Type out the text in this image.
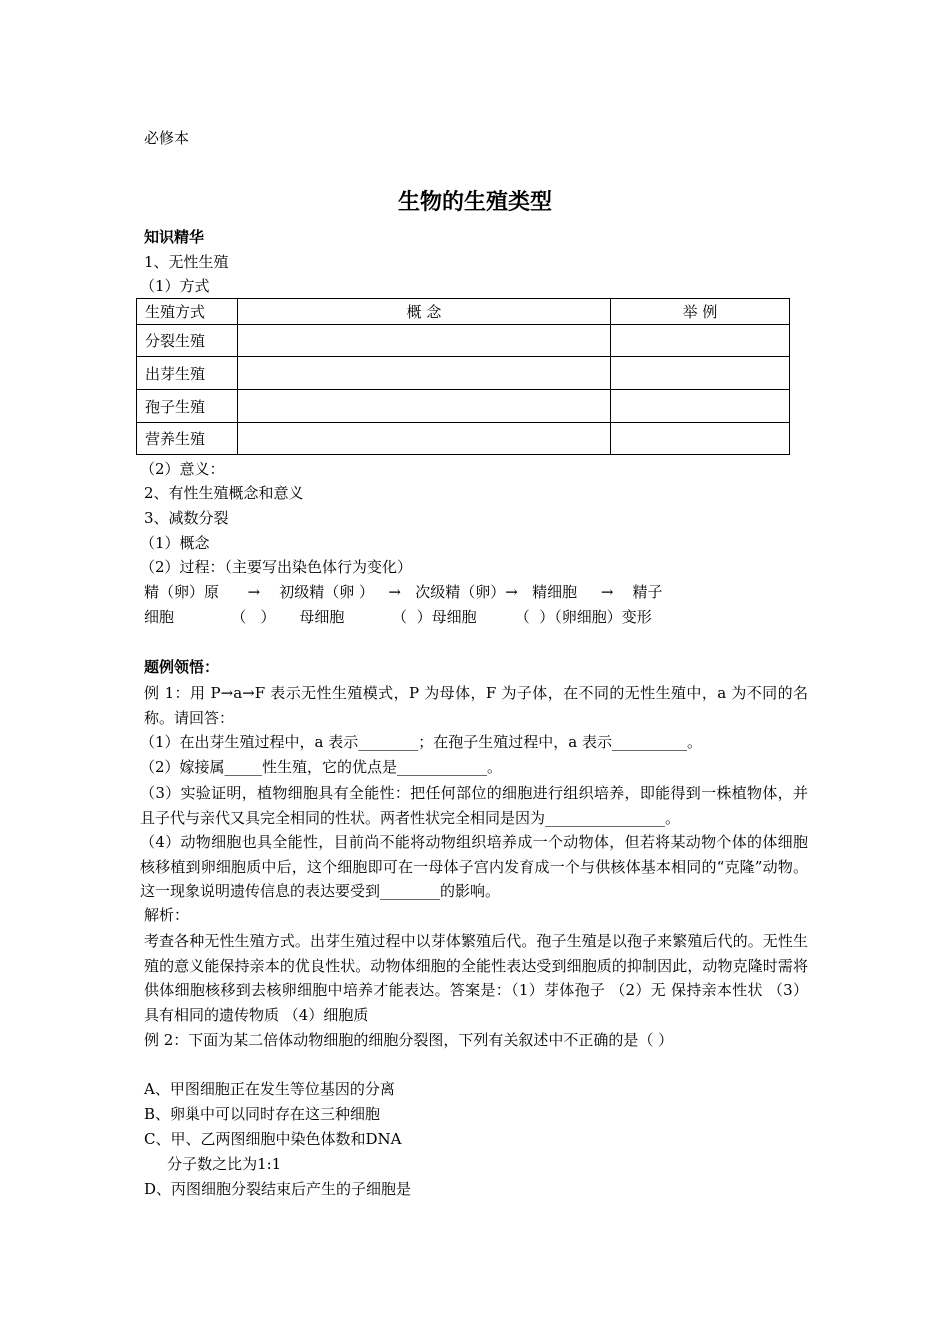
必修本
生物的生殖类型
知识精华
1、无性生殖
（1）方式
生殖方式	概 念	举 例
分裂生殖		
出芽生殖		
孢子生殖		
营养生殖		
（2）意义：
2、有性生殖概念和意义
3、减数分裂
（1）概念
（2）过程：（主要写出染色体行为变化）
精（卵）原      →    初级精（卵 ）   →   次级精（卵）→   精细胞     →    精子
细胞            （   ）     母细胞          （  ）母细胞        （  ）（卵细胞）变形
题例领悟：
例 1：用 P→a→F 表示无性生殖模式，P 为母体，F 为子体，在不同的无性生殖中，a 为不同的名称。请回答：
（1）在出芽生殖过程中，a 表示________；在孢子生殖过程中，a 表示__________。
（2）嫁接属_____性生殖，它的优点是____________。
（3）实验证明，植物细胞具有全能性：把任何部位的细胞进行组织培养，即能得到一株植物体，并且子代与亲代又具完全相同的性状。两者性状完全相同是因为________________。
（4）动物细胞也具全能性，目前尚不能将动物组织培养成一个动物体，但若将某动物个体的体细胞核移植到卵细胞质中后，这个细胞即可在一母体子宫内发育成一个与供核体基本相同的“克隆”动物。这一现象说明遗传信息的表达要受到________的影响。
解析：
考查各种无性生殖方式。出芽生殖过程中以芽体繁殖后代。孢子生殖是以孢子来繁殖后代的。无性生殖的意义能保持亲本的优良性状。动物体细胞的全能性表达受到细胞质的抑制因此，动物克隆时需将供体细胞核移到去核卵细胞中培养才能表达。答案是：（1）芽体孢子 （2）无 保持亲本性状 （3）具有相同的遗传物质 （4）细胞质
例 2：下面为某二倍体动物细胞的细胞分裂图，下列有关叙述中不正确的是（ ）
A、甲图细胞正在发生等位基因的分离
B、卵巢中可以同时存在这三种细胞
C、甲、乙两图细胞中染色体数和DNA
分子数之比为1:1
D、丙图细胞分裂结束后产生的子细胞是
